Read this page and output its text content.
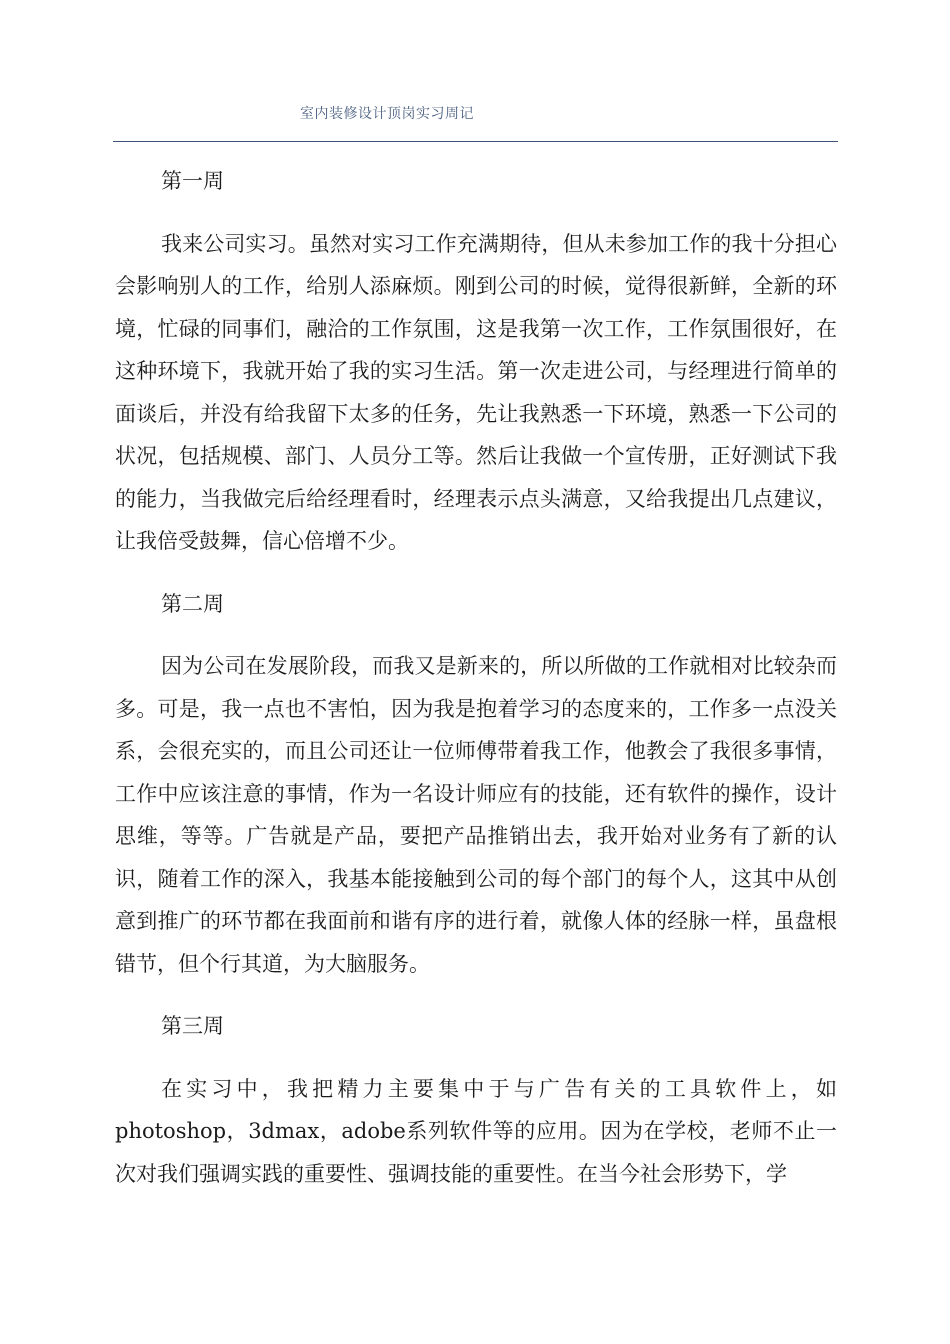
室内装修设计顶岗实习周记

第一周

我来公司实习。虽然对实习工作充满期待，但从未参加工作的我十分担心会影响别人的工作，给别人添麻烦。刚到公司的时候，觉得很新鲜，全新的环境，忙碌的同事们，融洽的工作氛围，这是我第一次工作，工作氛围很好，在这种环境下，我就开始了我的实习生活。第一次走进公司，与经理进行简单的面谈后，并没有给我留下太多的任务，先让我熟悉一下环境，熟悉一下公司的状况，包括规模、部门、人员分工等。然后让我做一个宣传册，正好测试下我的能力，当我做完后给经理看时，经理表示点头满意，又给我提出几点建议，让我倍受鼓舞，信心倍增不少。

第二周

因为公司在发展阶段，而我又是新来的，所以所做的工作就相对比较杂而多。可是，我一点也不害怕，因为我是抱着学习的态度来的，工作多一点没关系，会很充实的，而且公司还让一位师傅带着我工作，他教会了我很多事情，工作中应该注意的事情，作为一名设计师应有的技能，还有软件的操作，设计思维，等等。广告就是产品，要把产品推销出去，我开始对业务有了新的认识，随着工作的深入，我基本能接触到公司的每个部门的每个人，这其中从创意到推广的环节都在我面前和谐有序的进行着，就像人体的经脉一样，虽盘根错节，但个行其道，为大脑服务。

第三周

在实习中，我把精力主要集中于与广告有关的工具软件上，如photoshop，3dmax，adobe系列软件等的应用。因为在学校，老师不止一次对我们强调实践的重要性、强调技能的重要性。在当今社会形势下，学
